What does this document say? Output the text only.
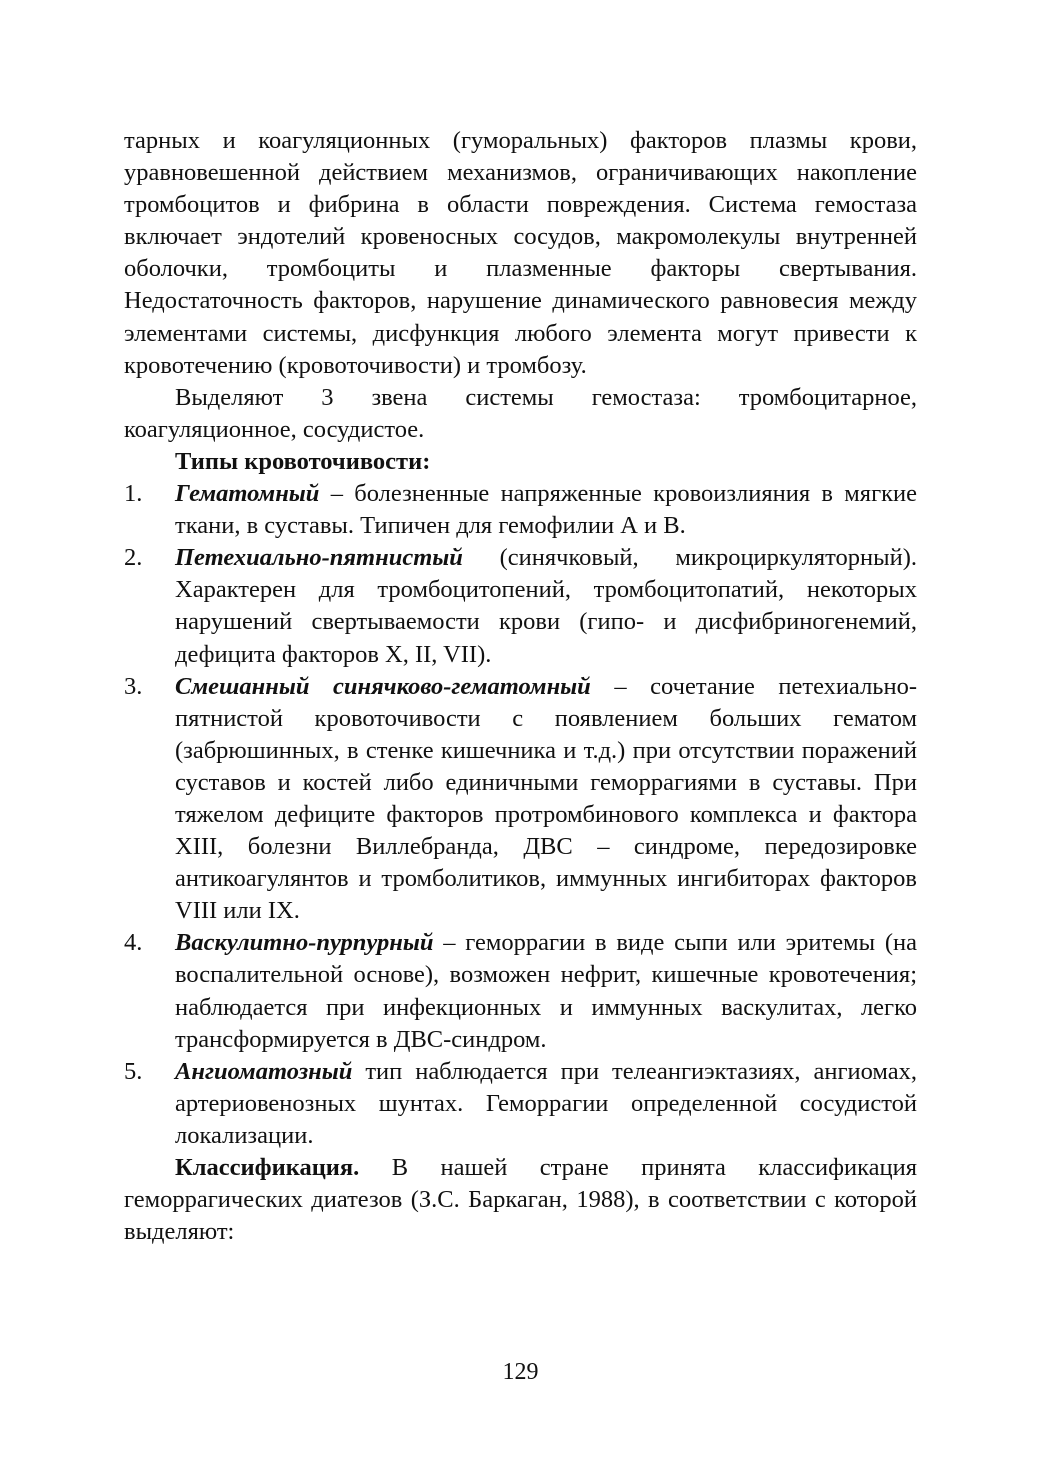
тарных и коагуляционных (гуморальных) факторов плазмы крови, уравновешенной действием механизмов, ограничивающих накопление тромбоцитов и фибрина в области повреждения. Система гемостаза включает эндотелий кровеносных сосудов, макромолекулы внутренней оболочки, тромбоциты и плазменные факторы свертывания. Недостаточность факторов, нарушение динамического равновесия между элементами системы, дисфункция любого элемента могут привести к кровотечению (кровоточивости) и тромбозу.

Выделяют 3 звена системы гемостаза: тромбоцитарное, коагуляционное, сосудистое.

Типы кровоточивости:

1. Гематомный – болезненные напряженные кровоизлияния в мягкие ткани, в суставы. Типичен для гемофилии А и В.
2. Петехиально-пятнистый (синячковый, микроциркуляторный). Характерен для тромбоцитопений, тромбоцитопатий, некоторых нарушений свертываемости крови (гипо- и дисфибриногенемий, дефицита факторов X, II, VII).
3. Смешанный синячково-гематомный – сочетание петехиально-пятнистой кровоточивости с появлением больших гематом (забрюшинных, в стенке кишечника и т.д.) при отсутствии поражений суставов и костей либо единичными геморрагиями в суставы. При тяжелом дефиците факторов протромбинового комплекса и фактора XIII, болезни Виллебранда, ДВС – синдроме, передозировке антикоагулянтов и тромболитиков, иммунных ингибиторах факторов VIII или IX.
4. Васкулитно-пурпурный – геморрагии в виде сыпи или эритемы (на воспалительной основе), возможен нефрит, кишечные кровотечения; наблюдается при инфекционных и иммунных васкулитах, легко трансформируется в ДВС-синдром.
5. Ангиоматозный тип наблюдается при телеангиэктазиях, ангиомах, артериовенозных шунтах. Геморрагии определенной сосудистой локализации.

Классификация. В нашей стране принята классификация геморрагических диатезов (З.С. Баркаган, 1988), в соответствии с которой выделяют:

129
